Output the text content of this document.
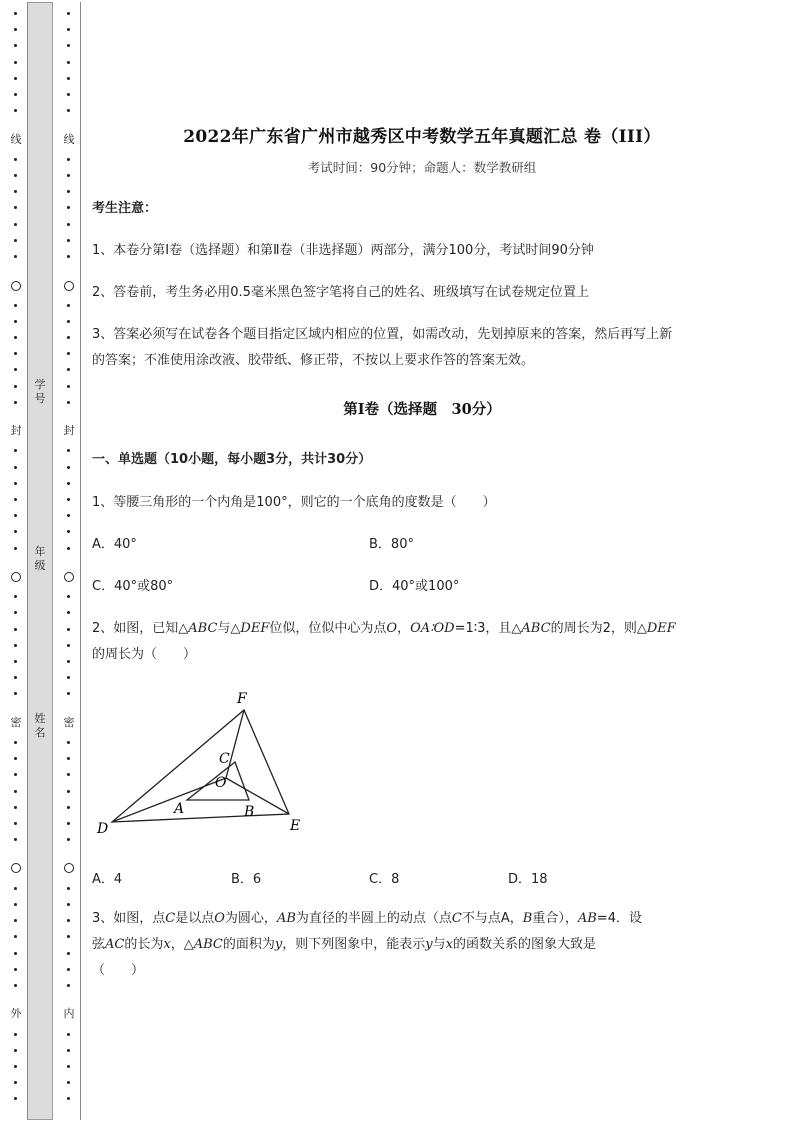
线
封
密
外
线
封
密
内
学号
年级
姓名
2022年广东省广州市越秀区中考数学五年真题汇总 卷（III）
考试时间：90分钟；命题人：数学教研组
考生注意：
1、本卷分第I卷（选择题）和第Ⅱ卷（非选择题）两部分，满分100分，考试时间90分钟
2、答卷前，考生务必用0.5毫米黑色签字笔将自己的姓名、班级填写在试卷规定位置上
3、答案必须写在试卷各个题目指定区域内相应的位置，如需改动，先划掉原来的答案，然后再写上新
的答案；不准使用涂改液、胶带纸、修正带，不按以上要求作答的答案无效。
第I卷（选择题　30分）
一、单选题（10小题，每小题3分，共计30分）
1、等腰三角形的一个内角是100°，则它的一个底角的度数是（　　）
A．40°	B．80°
C．40°或80°	D．40°或100°
2、如图，已知△ABC与△DEF位似，位似中心为点O，OA∶OD=1∶3，且△ABC的周长为2，则△DEF
的周长为（　　）
F
C
O
A	B
D	E
A．4	B．6	C．8	D．18
3、如图，点C是以点O为圆心，AB为直径的半圆上的动点（点C不与点A，B重合），AB=4．设
弦AC的长为x，△ABC的面积为y，则下列图象中，能表示y与x的函数关系的图象大致是
（　　）
